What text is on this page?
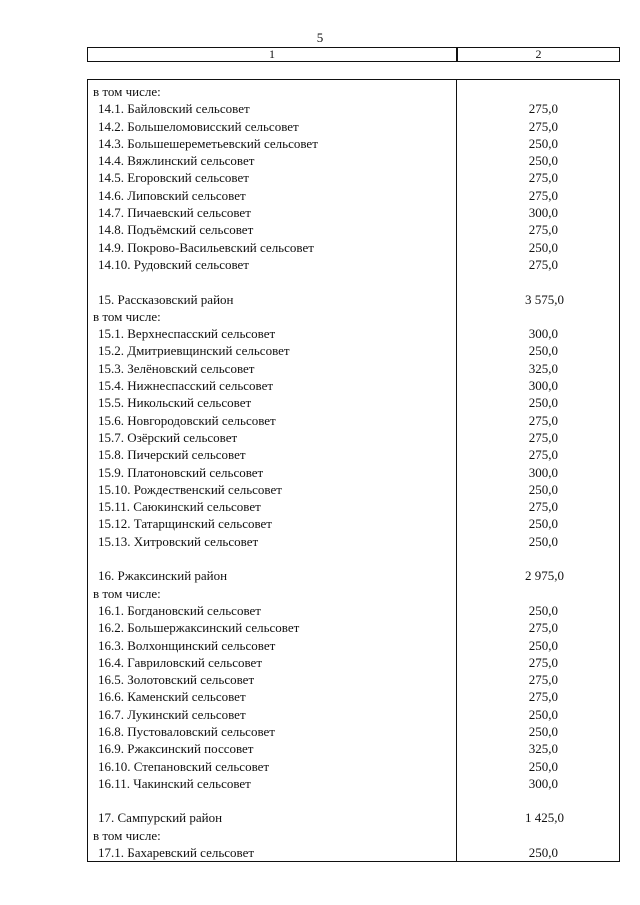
5
1	2
в том числе:
14.1. Байловский сельсовет	275,0
14.2. Большеломовисский сельсовет	275,0
14.3. Большешереметьевский сельсовет	250,0
14.4. Вяжлинский сельсовет	250,0
14.5. Егоровский сельсовет	275,0
14.6. Липовский сельсовет	275,0
14.7. Пичаевский сельсовет	300,0
14.8. Подъёмский сельсовет	275,0
14.9. Покрово-Васильевский сельсовет	250,0
14.10. Рудовский сельсовет	275,0
15. Рассказовский район	3 575,0
в том числе:
15.1. Верхнеспасский сельсовет	300,0
15.2. Дмитриевщинский сельсовет	250,0
15.3. Зелёновский сельсовет	325,0
15.4. Нижнеспасский сельсовет	300,0
15.5. Никольский сельсовет	250,0
15.6. Новгородовский сельсовет	275,0
15.7. Озёрский сельсовет	275,0
15.8. Пичерский сельсовет	275,0
15.9. Платоновский сельсовет	300,0
15.10. Рождественский сельсовет	250,0
15.11. Саюкинский сельсовет	275,0
15.12. Татарщинский сельсовет	250,0
15.13. Хитровский сельсовет	250,0
16. Ржаксинский район	2 975,0
в том числе:
16.1. Богдановский сельсовет	250,0
16.2. Большержаксинский сельсовет	275,0
16.3. Волхонщинский сельсовет	250,0
16.4. Гавриловский сельсовет	275,0
16.5. Золотовский сельсовет	275,0
16.6. Каменский сельсовет	275,0
16.7. Лукинский сельсовет	250,0
16.8. Пустоваловский сельсовет	250,0
16.9. Ржаксинский поссовет	325,0
16.10. Степановский сельсовет	250,0
16.11. Чакинский сельсовет	300,0
17. Сампурский район	1 425,0
в том числе:
17.1. Бахаревский сельсовет	250,0
